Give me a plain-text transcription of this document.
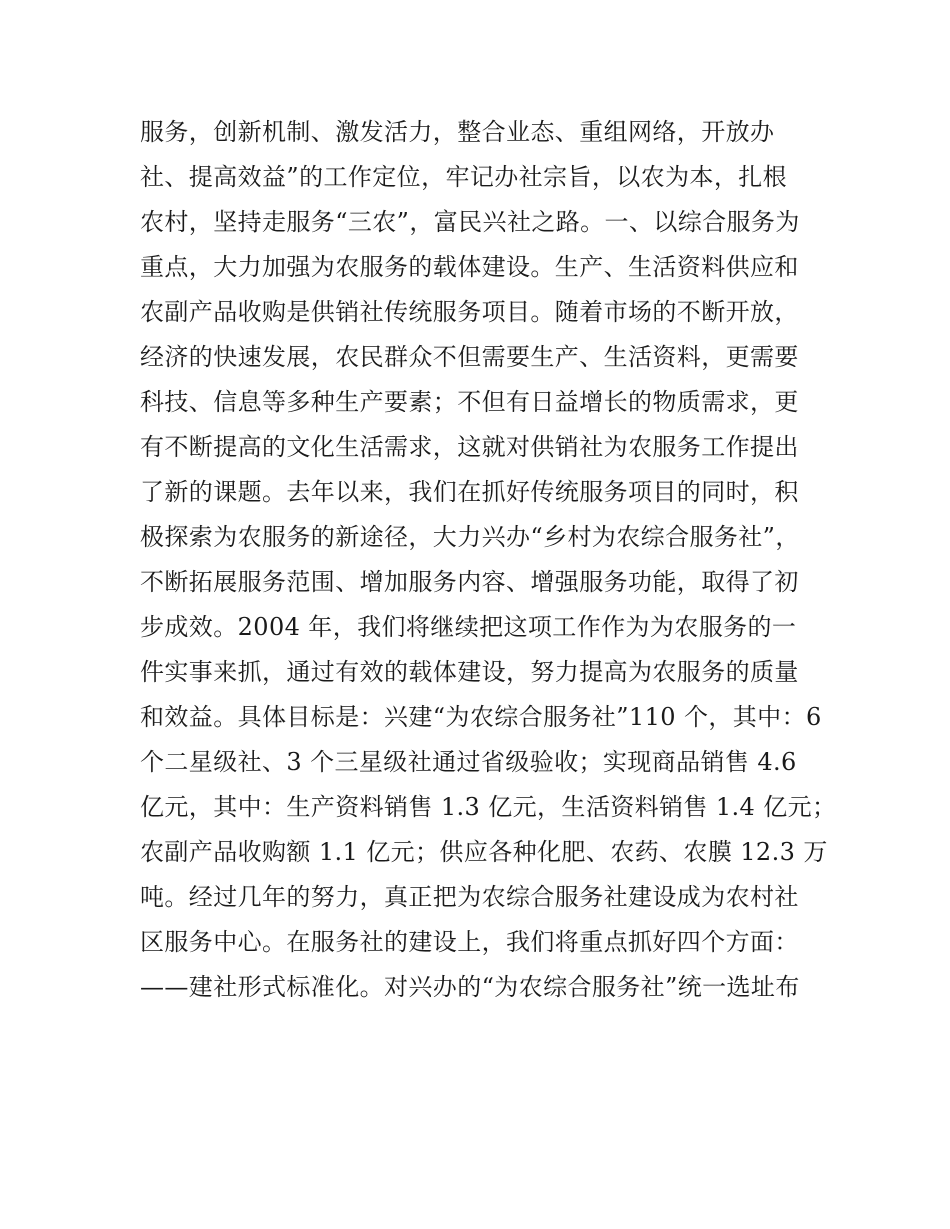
服务，创新机制、激发活力，整合业态、重组网络，开放办
社、提高效益”的工作定位，牢记办社宗旨，以农为本，扎根
农村，坚持走服务“三农”，富民兴社之路。一、以综合服务为
重点，大力加强为农服务的载体建设。生产、生活资料供应和
农副产品收购是供销社传统服务项目。随着市场的不断开放，
经济的快速发展，农民群众不但需要生产、生活资料，更需要
科技、信息等多种生产要素；不但有日益增长的物质需求，更
有不断提高的文化生活需求，这就对供销社为农服务工作提出
了新的课题。去年以来，我们在抓好传统服务项目的同时，积
极探索为农服务的新途径，大力兴办“乡村为农综合服务社”，
不断拓展服务范围、增加服务内容、增强服务功能，取得了初
步成效。2004 年，我们将继续把这项工作作为为农服务的一
件实事来抓，通过有效的载体建设，努力提高为农服务的质量
和效益。具体目标是：兴建“为农综合服务社”110 个，其中：6
个二星级社、3 个三星级社通过省级验收；实现商品销售 4.6
亿元，其中：生产资料销售 1.3 亿元，生活资料销售 1.4 亿元；
农副产品收购额 1.1 亿元；供应各种化肥、农药、农膜 12.3 万
吨。经过几年的努力，真正把为农综合服务社建设成为农村社
区服务中心。在服务社的建设上，我们将重点抓好四个方面：
——建社形式标准化。对兴办的“为农综合服务社”统一选址布
